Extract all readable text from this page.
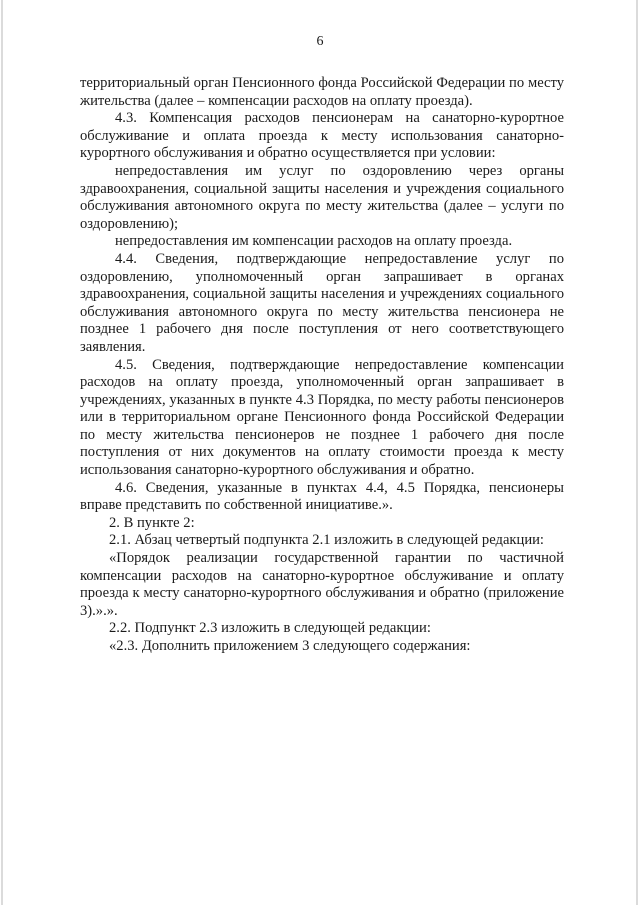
6

территориальный орган Пенсионного фонда Российской Федерации по месту жительства (далее – компенсации расходов на оплату проезда).

4.3. Компенсация расходов пенсионерам на санаторно-курортное обслуживание и оплата проезда к месту использования санаторно-курортного обслуживания и обратно осуществляется при условии:

непредоставления им услуг по оздоровлению через органы здравоохранения, социальной защиты населения и учреждения социального обслуживания автономного округа по месту жительства (далее – услуги по оздоровлению);

непредоставления им компенсации расходов на оплату проезда.

4.4. Сведения, подтверждающие непредоставление услуг по оздоровлению, уполномоченный орган запрашивает в органах здравоохранения, социальной защиты населения и учреждениях социального обслуживания автономного округа по месту жительства пенсионера не позднее 1 рабочего дня после поступления от него соответствующего заявления.

4.5. Сведения, подтверждающие непредоставление компенсации расходов на оплату проезда, уполномоченный орган запрашивает в учреждениях, указанных в пункте 4.3 Порядка, по месту работы пенсионеров или в территориальном органе Пенсионного фонда Российской Федерации по месту жительства пенсионеров не позднее 1 рабочего дня после поступления от них документов на оплату стоимости проезда к месту использования санаторно-курортного обслуживания и обратно.

4.6. Сведения, указанные в пунктах 4.4, 4.5 Порядка, пенсионеры вправе представить по собственной инициативе.».

2. В пункте 2:

2.1. Абзац четвертый подпункта 2.1 изложить в следующей редакции:

«Порядок реализации государственной гарантии по частичной компенсации расходов на санаторно-курортное обслуживание и оплату проезда к месту санаторно-курортного обслуживания и обратно (приложение 3).».».

2.2. Подпункт 2.3 изложить в следующей редакции:

«2.3. Дополнить приложением 3 следующего содержания:
